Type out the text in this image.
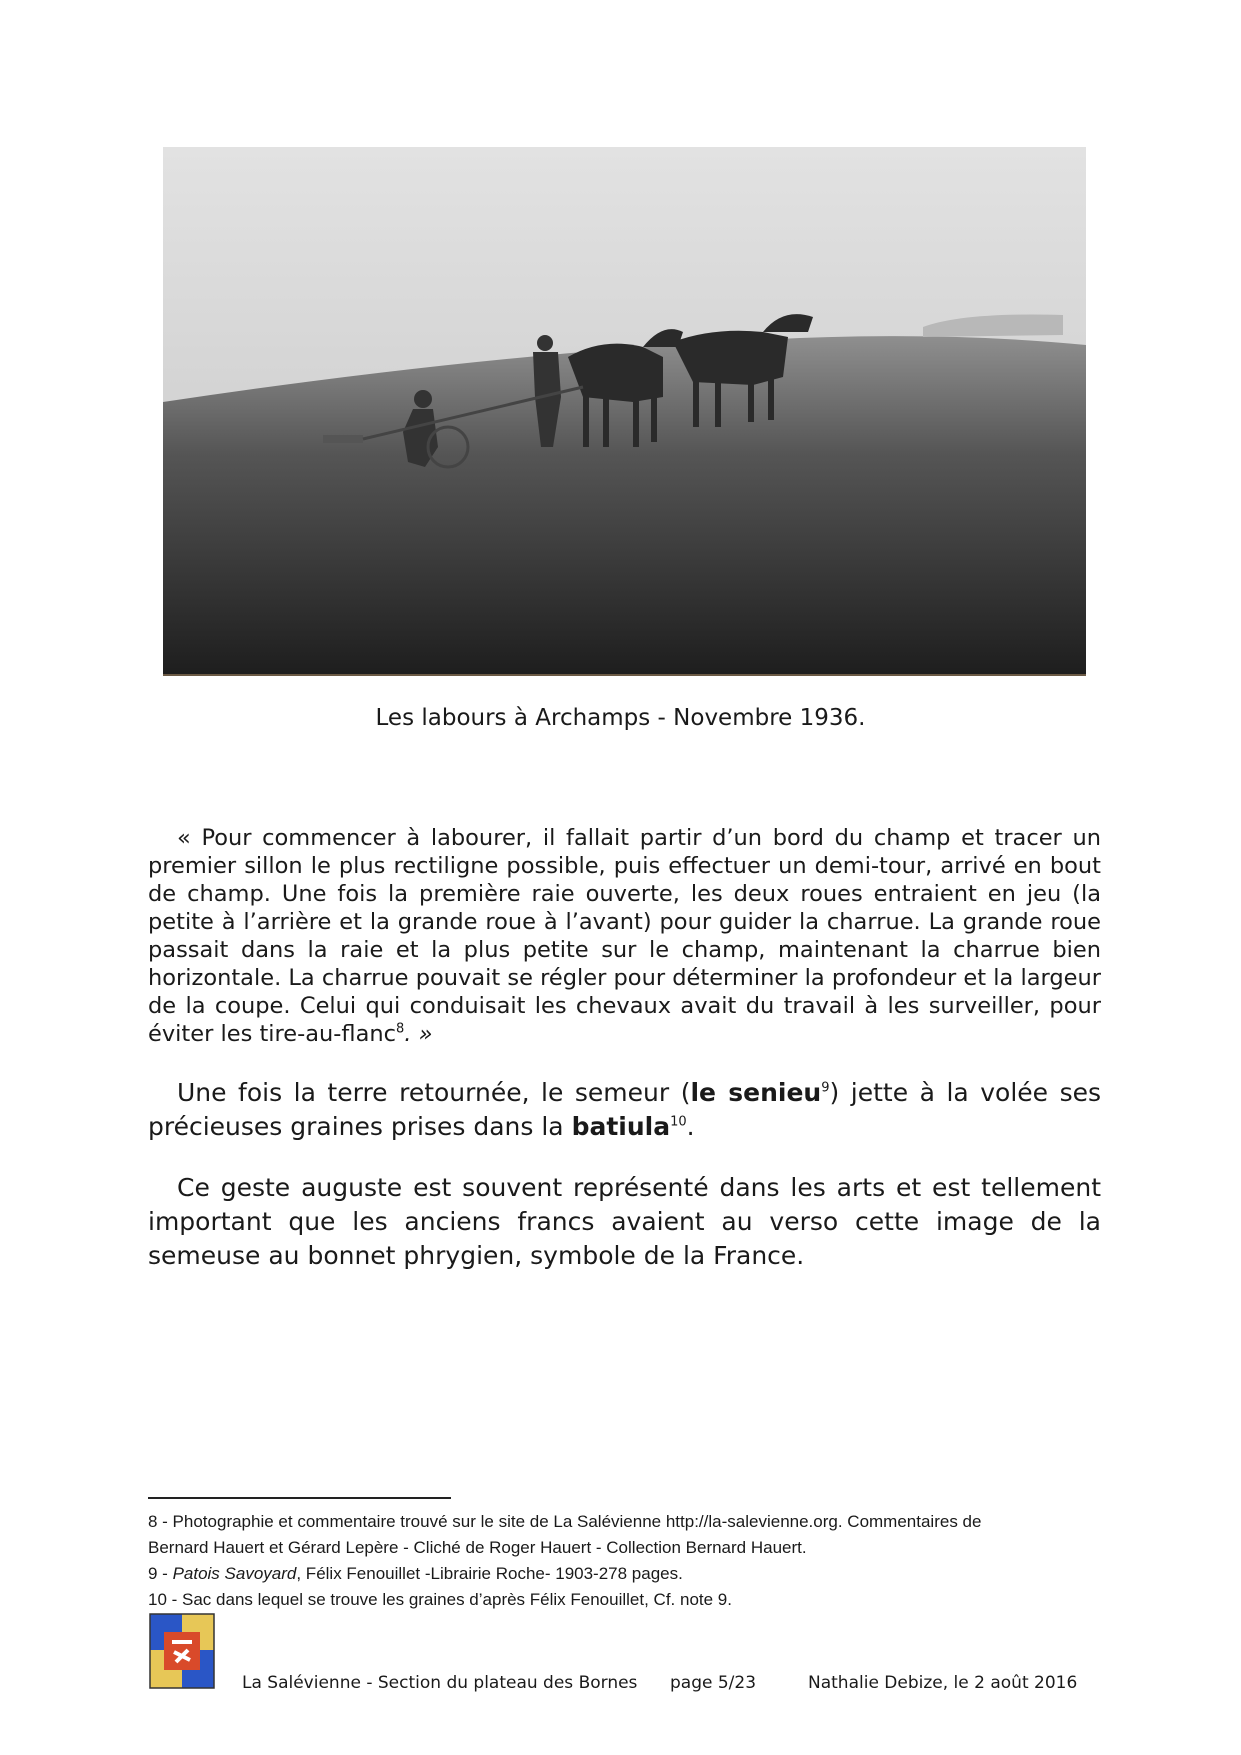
Les labours à Archamps - Novembre 1936.

« Pour commencer à labourer, il fallait partir d’un bord du champ et tracer un premier sillon le plus rectiligne possible, puis effectuer un demi-tour, arrivé en bout de champ. Une fois la première raie ouverte, les deux roues entraient en jeu (la petite à l’arrière et la grande roue à l’avant) pour guider la charrue. La grande roue passait dans la raie et la plus petite sur le champ, maintenant la charrue bien horizontale. La charrue pouvait se régler pour déterminer la profondeur et la largeur de la coupe. Celui qui conduisait les chevaux avait du travail à les surveiller, pour éviter les tire-au-flanc$^8$. »

Une fois la terre retournée, le semeur (le senieu$^9$) jette à la volée ses précieuses graines prises dans la batiula$^{10}$.

Ce geste auguste est souvent représenté dans les arts et est tellement important que les anciens francs avaient au verso cette image de la semeuse au bonnet phrygien, symbole de la France.

8 - Photographie et commentaire trouvé sur le site de La Salévienne http://la-salevienne.org. Commentaires de
Bernard Hauert et Gérard Lepère - Cliché de Roger Hauert - Collection Bernard Hauert.
9 - Patois Savoyard, Félix Fenouillet -Librairie Roche- 1903-278 pages.
10 - Sac dans lequel se trouve les graines d’après Félix Fenouillet, Cf. note 9.
La Salévienne - Section du plateau des Bornes page 5/23	Nathalie Debize, le 2 août 2016
